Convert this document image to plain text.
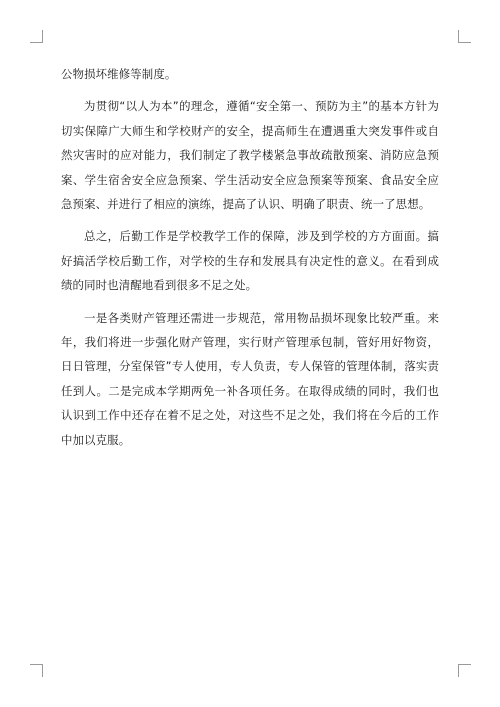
公物损坏维修等制度。

为贯彻“以人为本”的理念，遵循“安全第一、预防为主”的基本方针为切实保障广大师生和学校财产的安全，提高师生在遭遇重大突发事件或自然灾害时的应对能力，我们制定了教学楼紧急事故疏散预案、消防应急预案、学生宿舍安全应急预案、学生活动安全应急预案等预案、食品安全应急预案、并进行了相应的演练，提高了认识、明确了职责、统一了思想。

总之，后勤工作是学校教学工作的保障，涉及到学校的方方面面。搞好搞活学校后勤工作，对学校的生存和发展具有决定性的意义。在看到成绩的同时也清醒地看到很多不足之处。

一是各类财产管理还需进一步规范，常用物品损坏现象比较严重。来年，我们将进一步强化财产管理，实行财产管理承包制，管好用好物资，日日管理，分室保管”专人使用，专人负责，专人保管的管理体制，落实责任到人。二是完成本学期两免一补各项任务。在取得成绩的同时，我们也认识到工作中还存在着不足之处，对这些不足之处，我们将在今后的工作中加以克服。
